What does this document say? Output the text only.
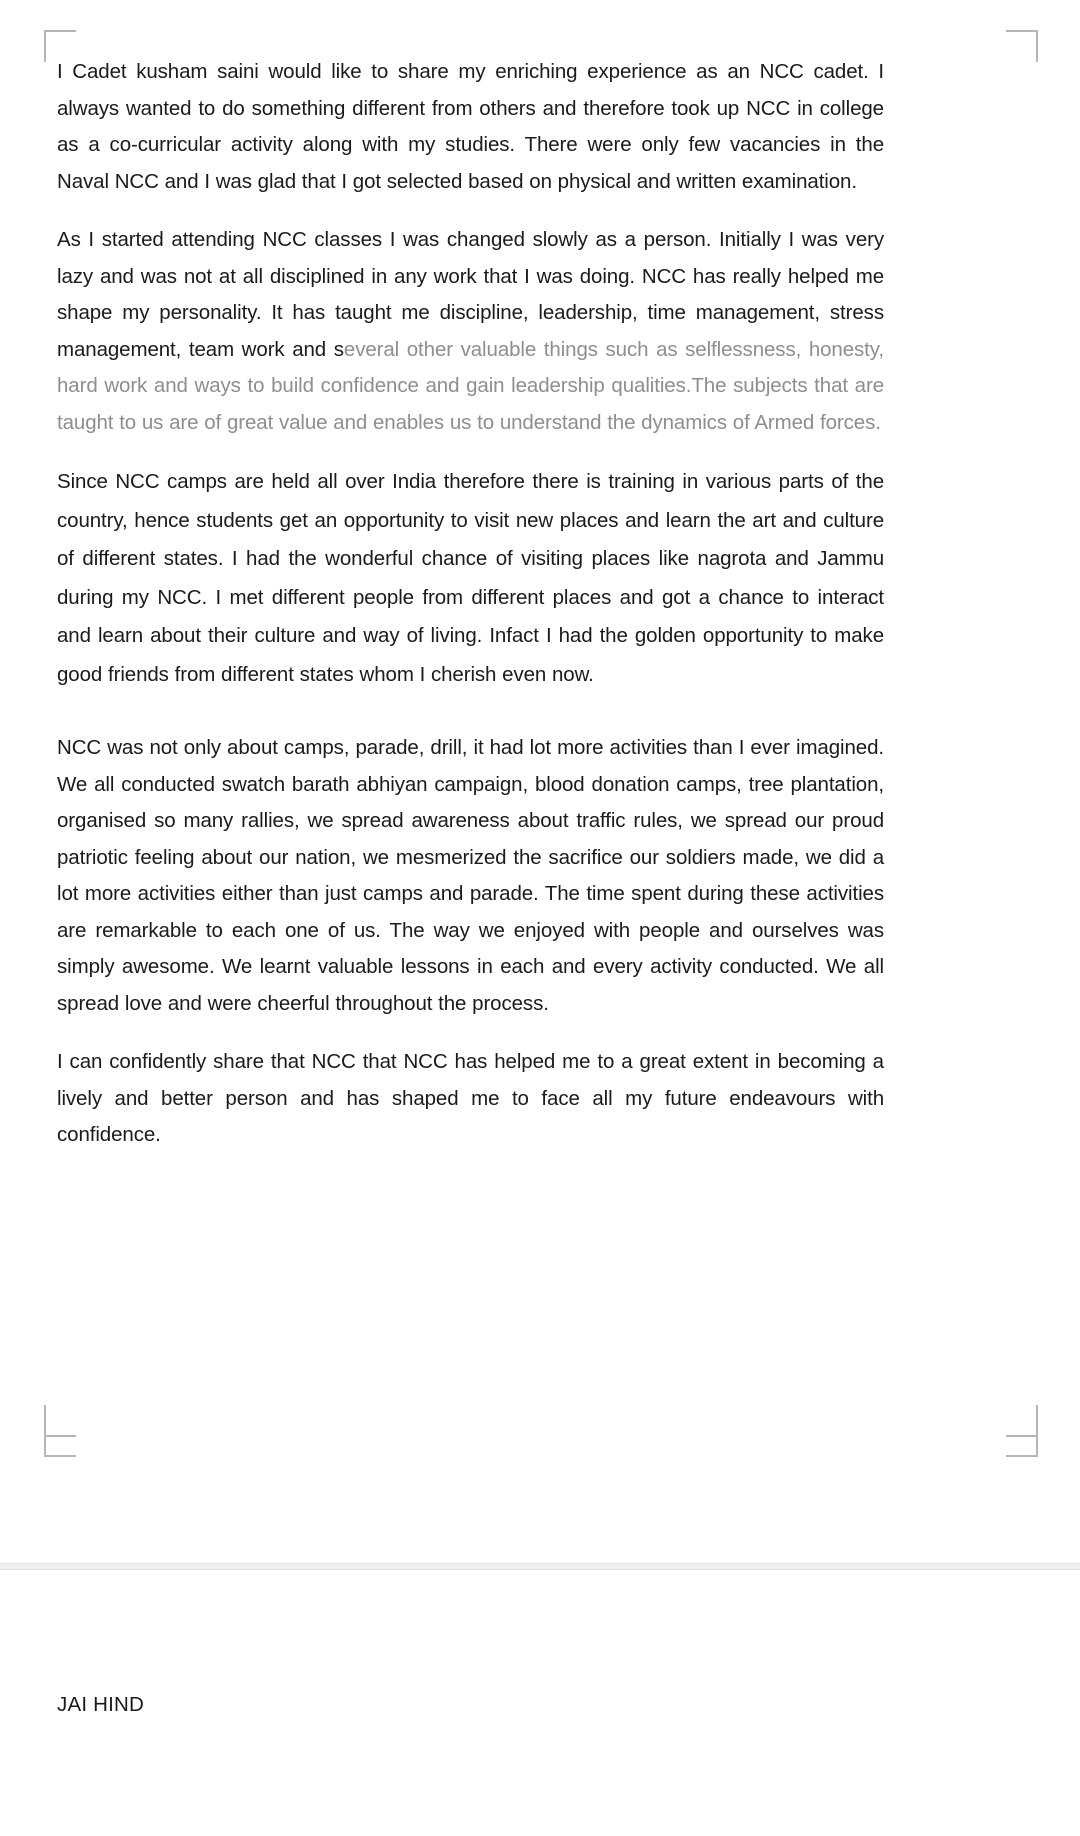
I Cadet kusham saini would like to share my enriching experience as an NCC cadet. I always wanted to do something different from others and therefore took up NCC in college as a co-curricular activity along with my studies. There were only few vacancies in the Naval NCC and I was glad that I got selected based on physical and written examination.

As I started attending NCC classes I was changed slowly as a person. Initially I was very lazy and was not at all disciplined in any work that I was doing. NCC has really helped me shape my personality. It has taught me discipline, leadership, time management, stress management, team work and several other valuable things such as selflessness, honesty, hard work and ways to build confidence and gain leadership qualities.The subjects that are taught to us are of great value and enables us to understand the dynamics of Armed forces.

Since NCC camps are held all over India therefore there is training in various parts of the country, hence students get an opportunity to visit new places and learn the art and culture of different states. I had the wonderful chance of visiting places like nagrota and Jammu during my NCC. I met different people from different places and got a chance to interact and learn about their culture and way of living. Infact I had the golden opportunity to make good friends from different states whom I cherish even now.

NCC was not only about camps, parade, drill, it had lot more activities than I ever imagined. We all conducted swatch barath abhiyan campaign, blood donation camps, tree plantation, organised so many rallies, we spread awareness about traffic rules, we spread our proud patriotic feeling about our nation, we mesmerized the sacrifice our soldiers made, we did a lot more activities either than just camps and parade. The time spent during these activities are remarkable to each one of us. The way we enjoyed with people and ourselves was simply awesome. We learnt valuable lessons in each and every activity conducted. We all spread love and were cheerful throughout the process.

I can confidently share that NCC that NCC has helped me to a great extent in becoming a lively and better person and has shaped me to face all my future endeavours with confidence.

JAI HIND
